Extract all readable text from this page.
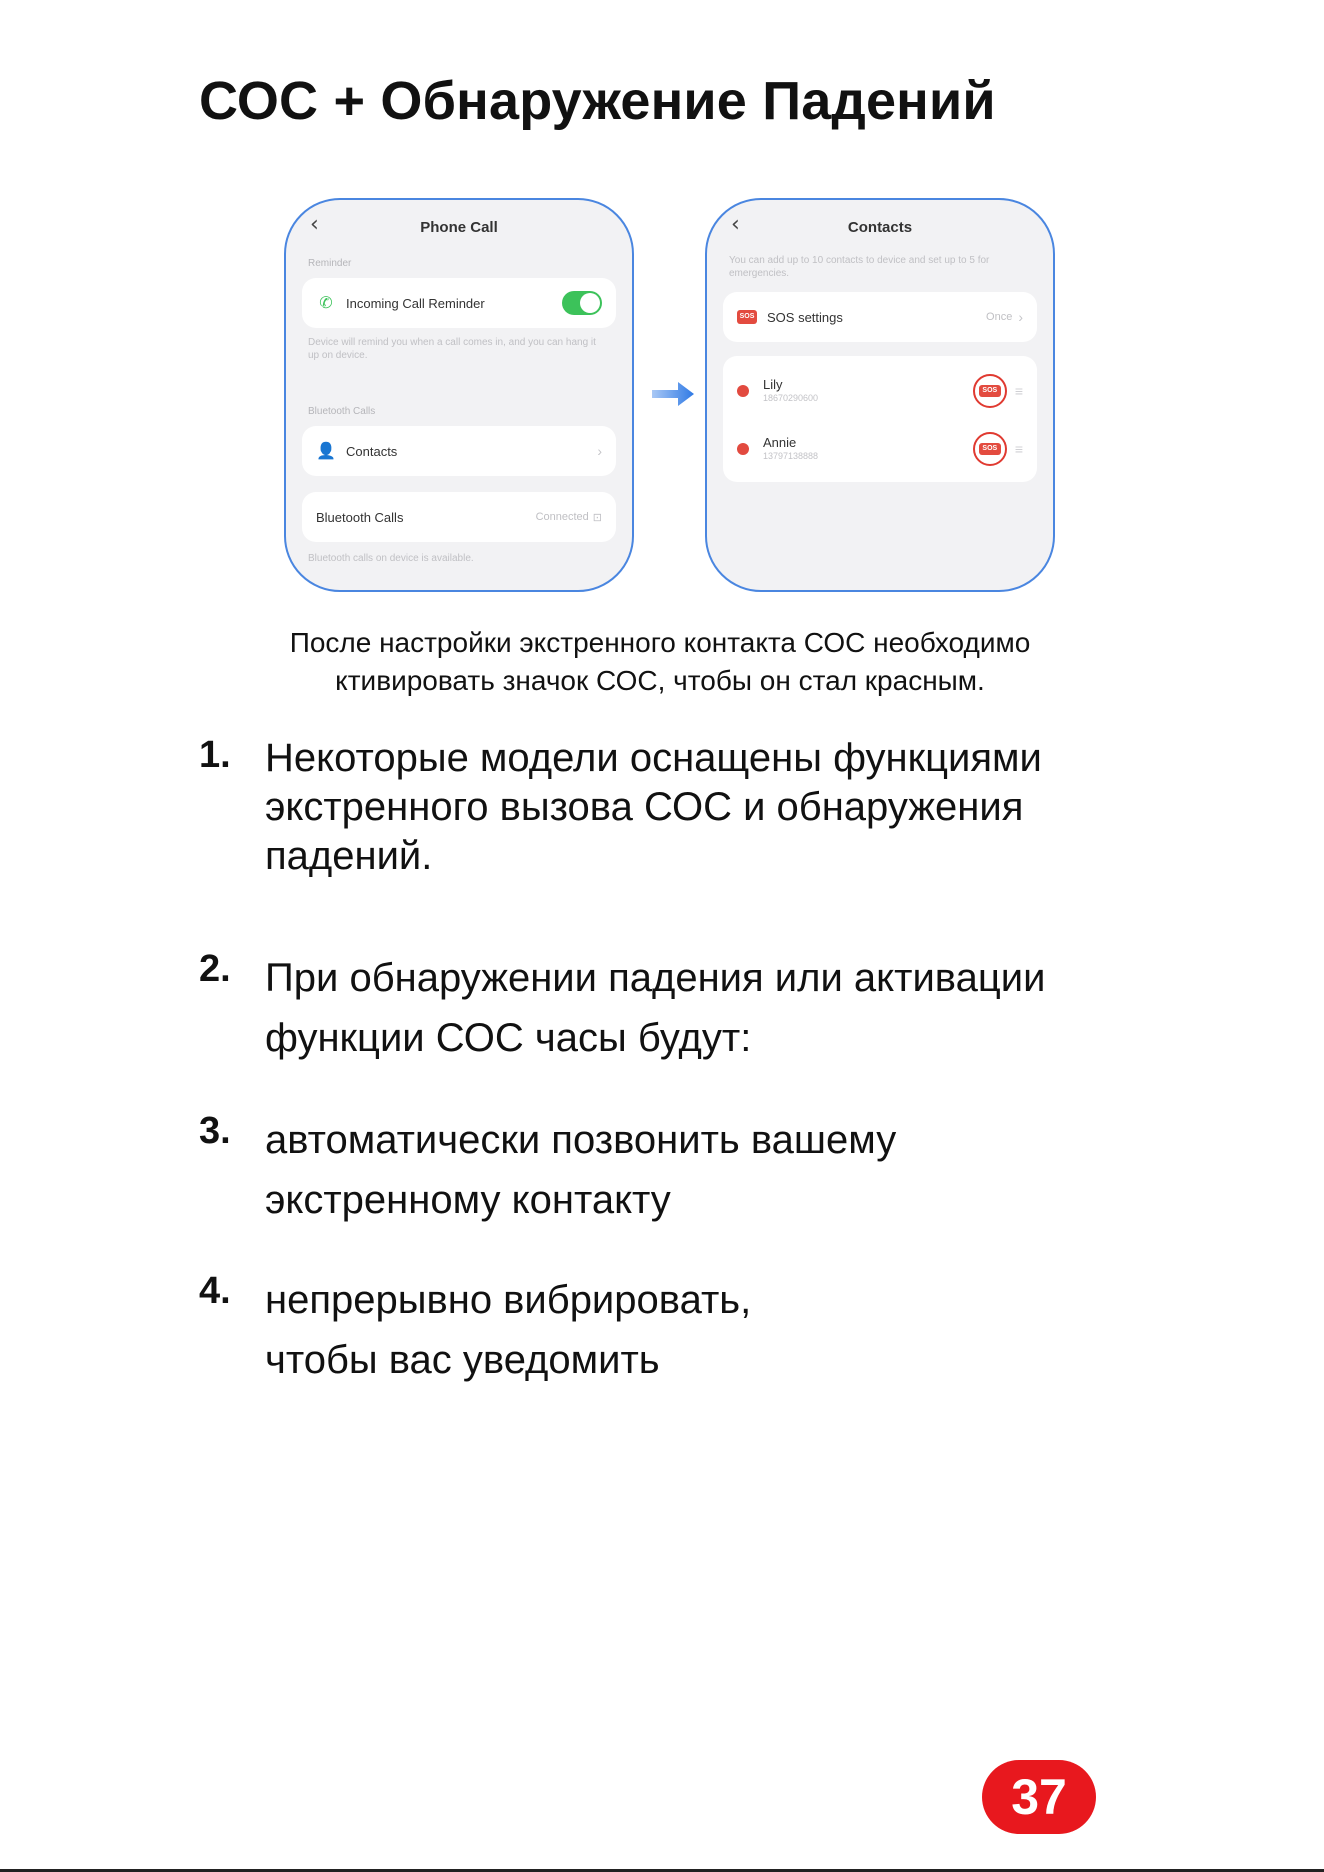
СОС + Обнаружение Падений
‹	Phone Call
Reminder
✆ Incoming Call Reminder
Device will remind you when a call comes in, and you can hang it up on device.
Bluetooth Calls
👤 Contacts	›
Bluetooth Calls	Connected ⊡
Bluetooth calls on device is available.
‹	Contacts
You can add up to 10 contacts to device and set up to 5 for emergencies.
SOS SOS settings	Once ›
Lily
18670290600
SOS ≡
Annie
13797138888
SOS ≡
После настройки экстренного контакта СОС необходимо
ктивировать значок СОС, чтобы он стал красным.
1. Некоторые модели оснащены функциями
экстренного вызова СОС и обнаружения
падений.
2. При обнаружении падения или активации
функции СОС часы будут:
3. автоматически позвонить вашему
экстренному контакту
4. непрерывно вибрировать,
чтобы вас уведомить
37
